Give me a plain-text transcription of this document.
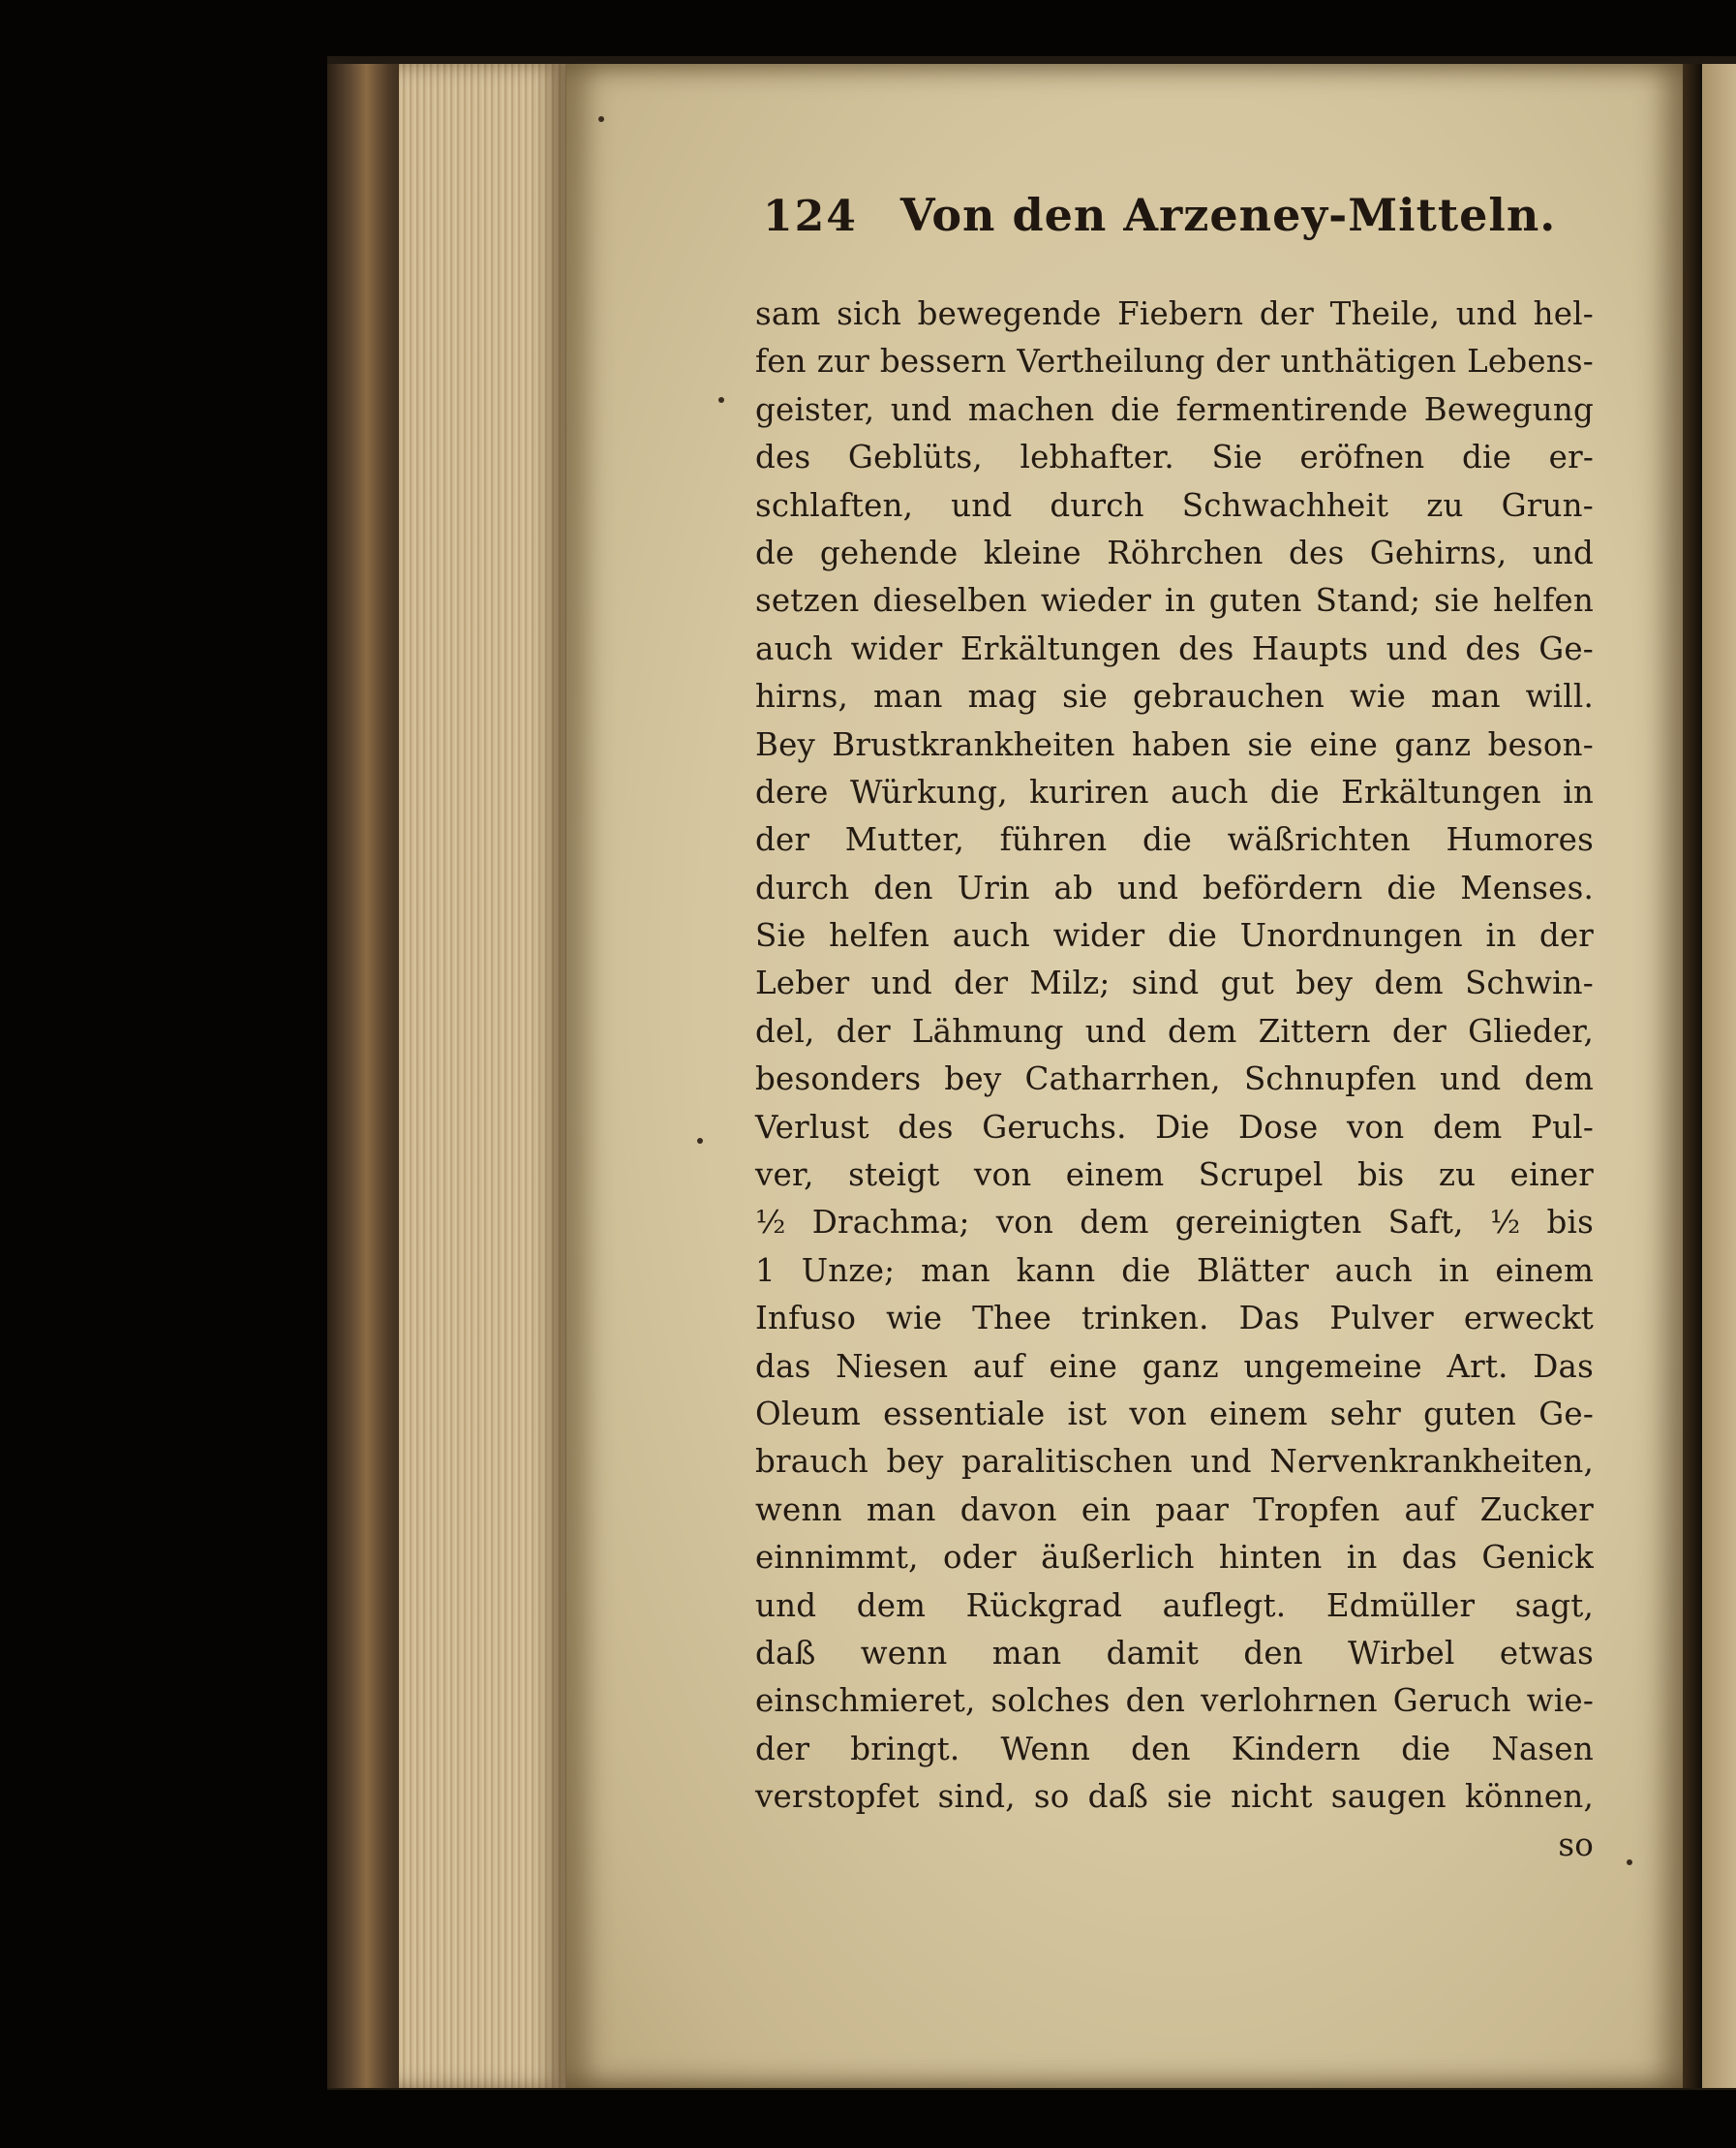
124 Von den Arzeney-Mitteln.
sam sich bewegende Fiebern der Theile, und hel-
fen zur bessern Vertheilung der unthätigen Lebens-
geister, und machen die fermentirende Bewegung
des Geblüts, lebhafter. Sie eröfnen die er-
schlaften, und durch Schwachheit zu Grun-
de gehende kleine Röhrchen des Gehirns, und
setzen dieselben wieder in guten Stand; sie helfen
auch wider Erkältungen des Haupts und des Ge-
hirns, man mag sie gebrauchen wie man will.
Bey Brustkrankheiten haben sie eine ganz beson-
dere Würkung, kuriren auch die Erkältungen in
der Mutter, führen die wäßrichten Humores
durch den Urin ab und befördern die Menses.
Sie helfen auch wider die Unordnungen in der
Leber und der Milz; sind gut bey dem Schwin-
del, der Lähmung und dem Zittern der Glieder,
besonders bey Catharrhen, Schnupfen und dem
Verlust des Geruchs. Die Dose von dem Pul-
ver, steigt von einem Scrupel bis zu einer
½ Drachma; von dem gereinigten Saft, ½ bis
1 Unze; man kann die Blätter auch in einem
Infuso wie Thee trinken. Das Pulver erweckt
das Niesen auf eine ganz ungemeine Art. Das
Oleum essentiale ist von einem sehr guten Ge-
brauch bey paralitischen und Nervenkrankheiten,
wenn man davon ein paar Tropfen auf Zucker
einnimmt, oder äußerlich hinten in das Genick
und dem Rückgrad auflegt. Edmüller sagt,
daß wenn man damit den Wirbel etwas
einschmieret, solches den verlohrnen Geruch wie-
der bringt. Wenn den Kindern die Nasen
verstopfet sind, so daß sie nicht saugen können,
so
